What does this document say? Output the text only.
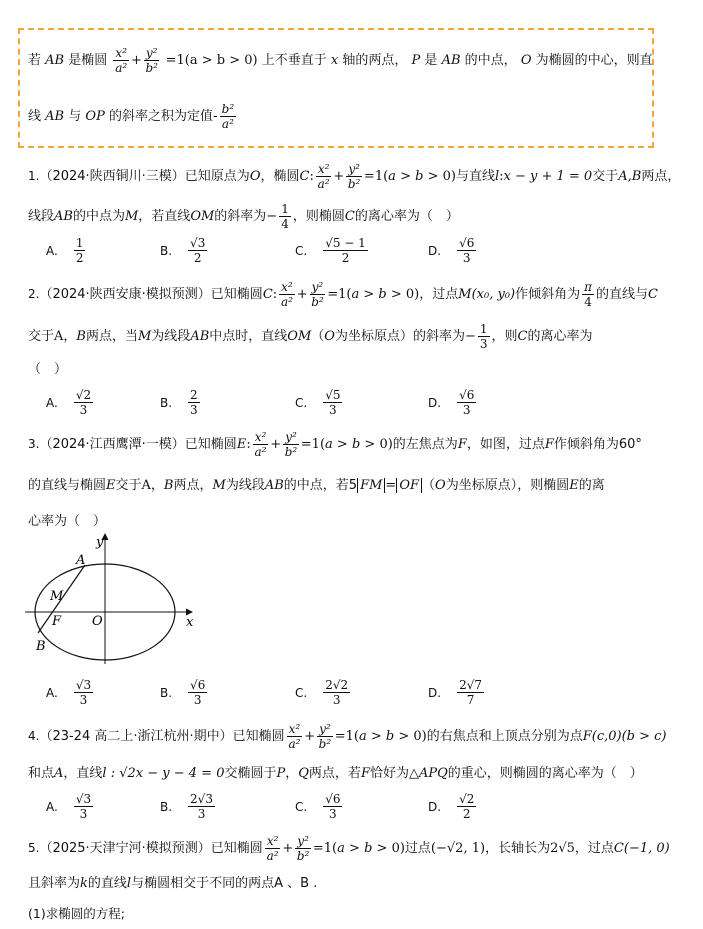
若 AB 是椭圆 $\frac{\text{x²}}{\text{a²}} + \frac{\text{y²}}{\text{b²}} =1(a > b > 0)$ 上不垂直于 x 轴的两点， P 是 AB 的中点， O 为椭圆的中心，则直
线 AB 与 OP 的斜率之积为定值- $\frac{\text{b²}}{\text{a²}}$
1.（2024·陕西铜川·三模）已知原点为O，椭圆C: $\frac{\text{x²}}{\text{a²}} + \frac{\text{y²}}{\text{b²}} =1(a > b > 0)$与直线l:x − y + 1 = 0交于A,B两点，
线段AB的中点为M，若直线OM的斜率为− $\frac{1}{4}$ ，则椭圆C的离心率为（　）
A. $\frac{1}{2}$	B. $\frac{√3}{2}$	C. $\frac{√5 - 1}{2}$	D. $\frac{√6}{3}$
2.（2024·陕西安康·模拟预测）已知椭圆C: $\frac{\text{x²}}{\text{a²}} + \frac{\text{y²}}{\text{b²}} =1(a > b > 0)$，过点M(x₀, y₀)作倾斜角为 $\frac{\pi}{4}$ 的直线与C
交于A，B两点，当M为线段AB中点时，直线OM（O为坐标原点）的斜率为− $\frac{1}{3}$ ，则C的离心率为
（　）
A. $\frac{√2}{3}$	B. $\frac{2}{3}$	C. $\frac{√5}{3}$	D. $\frac{√6}{3}$
3.（2024·江西鹰潭·一模）已知椭圆E: $\frac{\text{x²}}{\text{a²}} + \frac{\text{y²}}{\text{b²}} =1(a > b > 0)$的左焦点为F，如图，过点F作倾斜角为60°
的直线与椭圆E交于A，B两点，M为线段AB的中点，若5 FM = OF （O为坐标原点），则椭圆E的离
心率为（　）
y
x
A
M
F O
B
A. $\frac{√3}{3}$	B. $\frac{√6}{3}$	C. $\frac{2√2}{3}$	D. $\frac{2√7}{7}$
4.（23-24 高二上·浙江杭州·期中）已知椭圆 $\frac{\text{x²}}{\text{a²}} + \frac{\text{y²}}{\text{b²}} =1(a > b > 0)$的右焦点和上顶点分别为点F(c,0)(b > c)
和点A，直线l : √2x − y − 4 = 0交椭圆于P，Q两点，若F恰好为△APQ的重心，则椭圆的离心率为（　）
A. $\frac{√3}{3}$	B. $\frac{2√3}{3}$	C. $\frac{√6}{3}$	D. $\frac{√2}{2}$
5.（2025·天津宁河·模拟预测）已知椭圆 $\frac{\text{x²}}{\text{a²}} + \frac{\text{y²}}{\text{b²}} =1(a > b > 0)$过点(−√2, 1)，长轴长为2√5，过点C(−1, 0)
且斜率为k的直线l与椭圆相交于不同的两点A 、B .
(1)求椭圆的方程;
